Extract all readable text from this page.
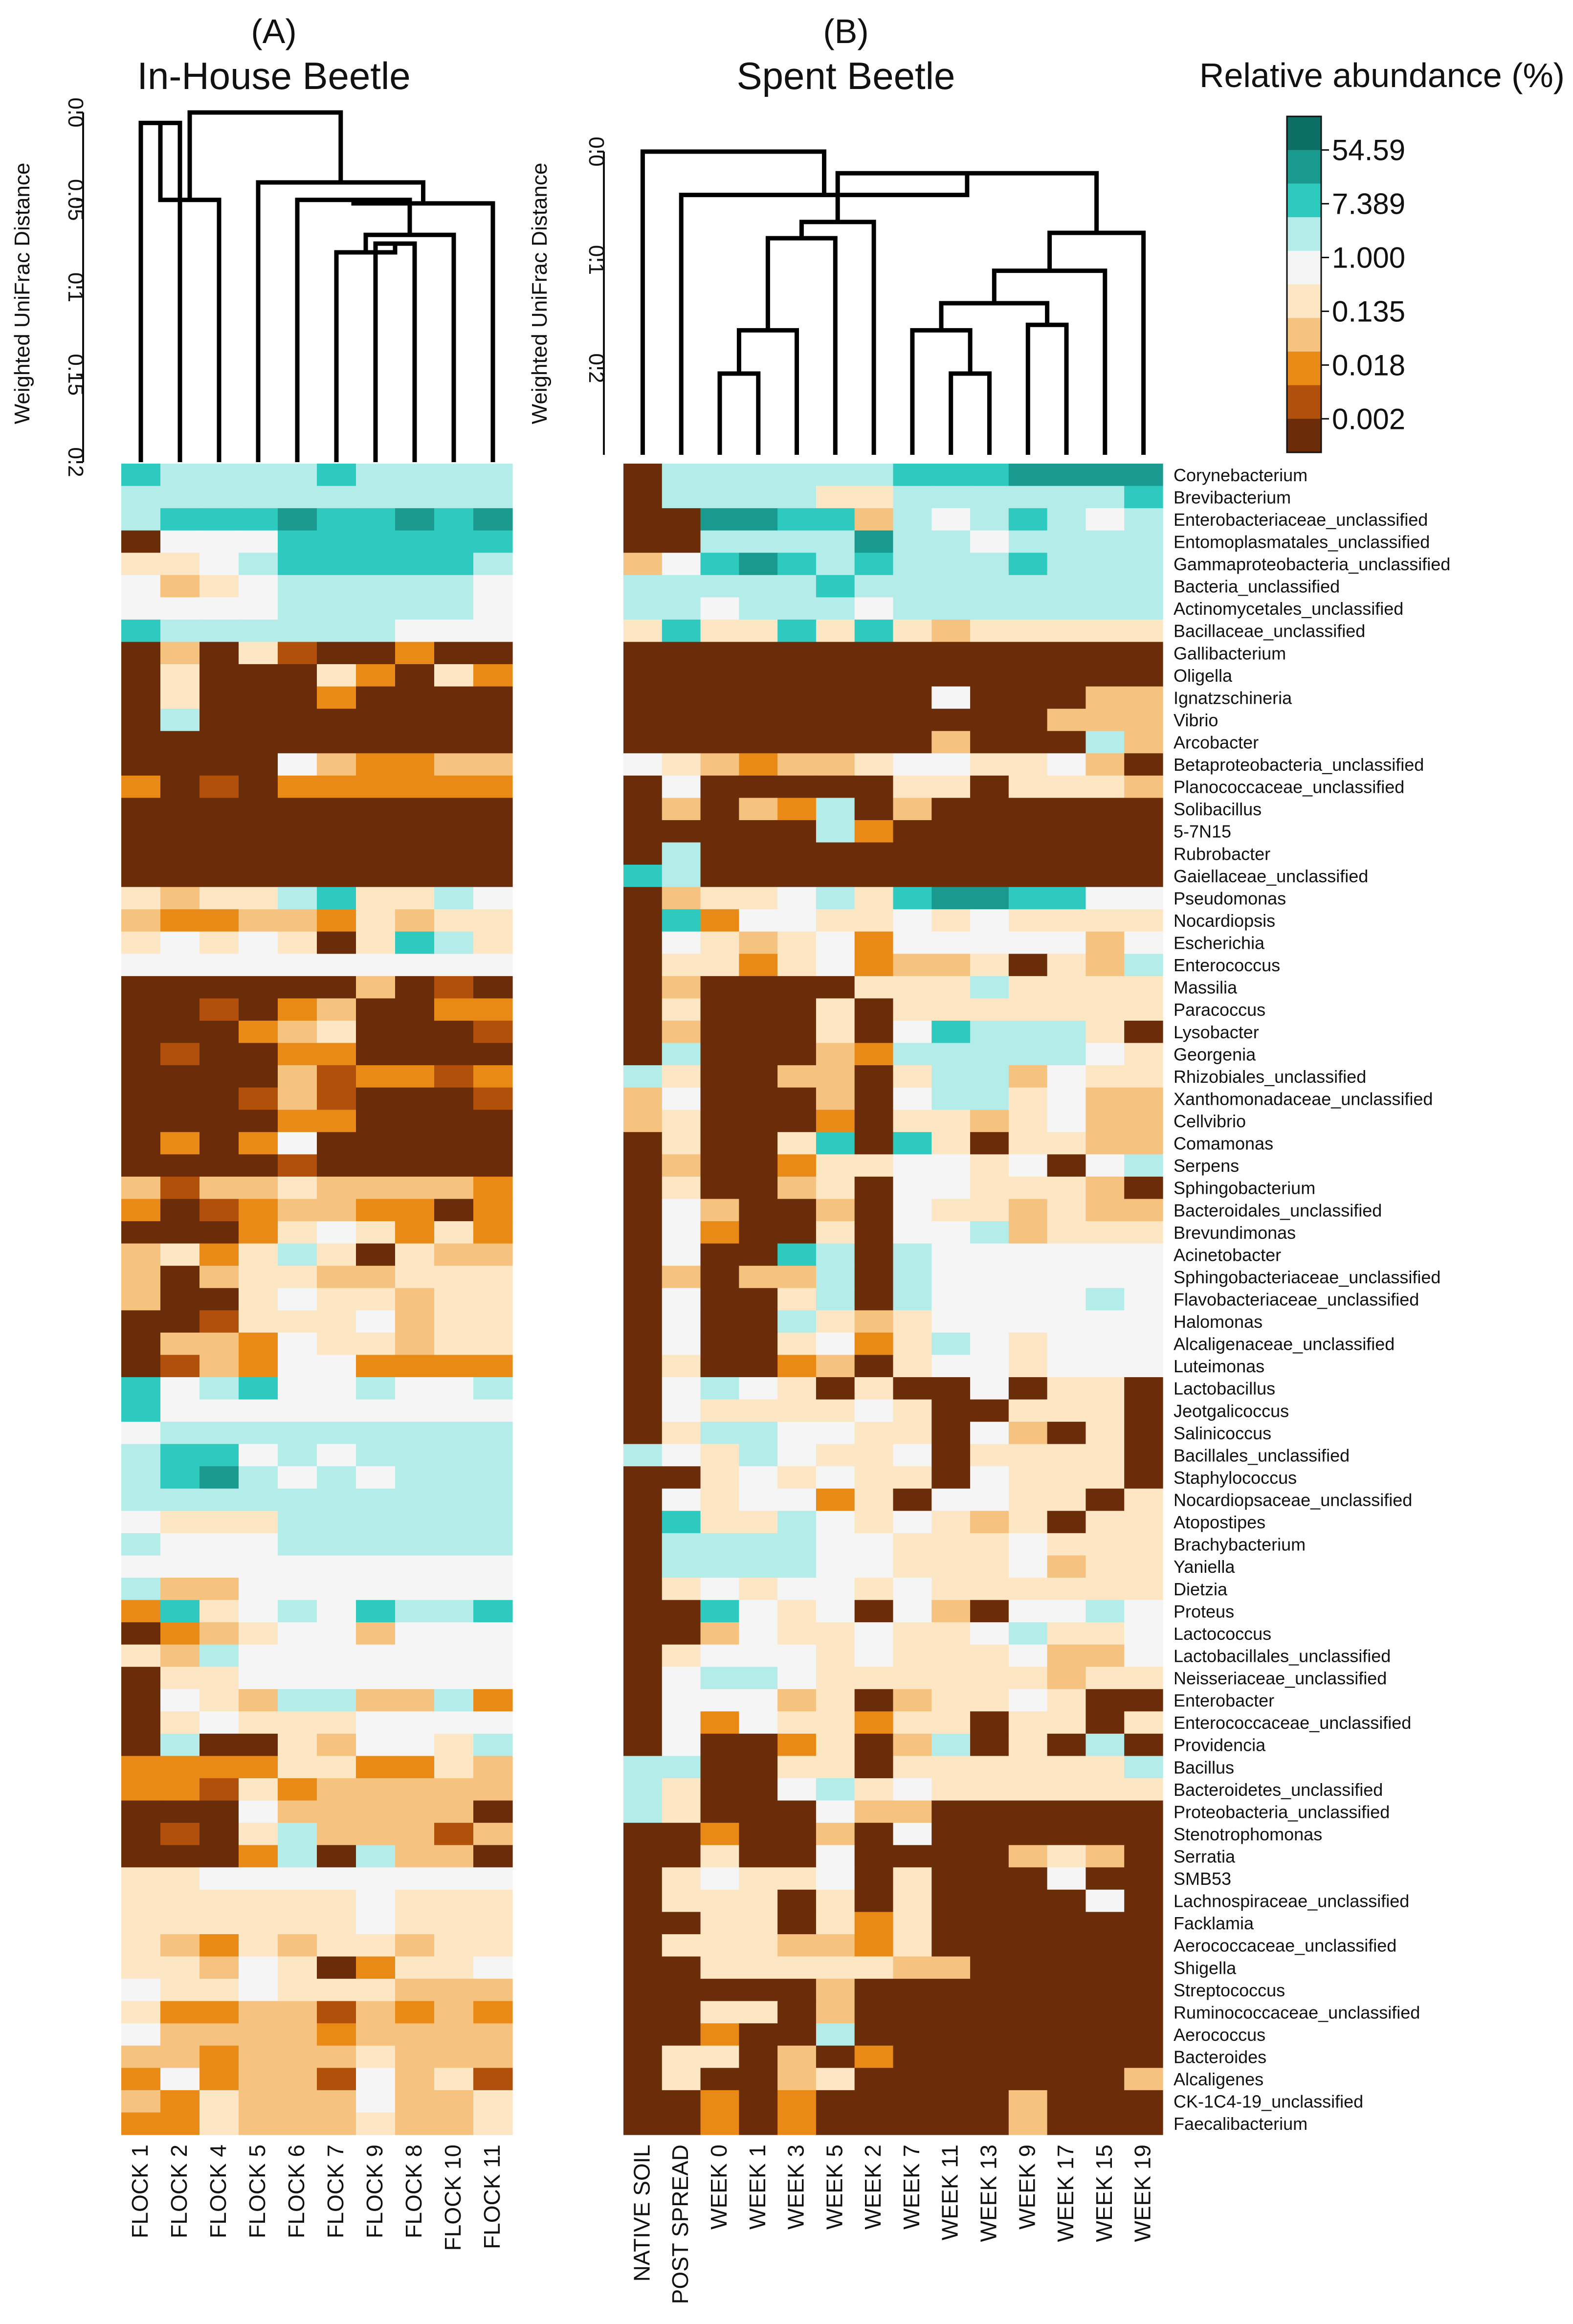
(A)
In-House Beetle
Weighted UniFrac Distance
0.0
0.05
0.1
0.15
0.2
FLOCK 1 FLOCK 2 FLOCK 4 FLOCK 5 FLOCK 6 FLOCK 7 FLOCK 9 FLOCK 8 FLOCK 10 FLOCK 11
(B)
Spent Beetle
Weighted UniFrac Distance
0.0
0.1
0.2
NATIVE SOIL POST SPREAD WEEK 0 WEEK 1 WEEK 3 WEEK 5 WEEK 2 WEEK 7 WEEK 11 WEEK 13 WEEK 9 WEEK 17 WEEK 15 WEEK 19
Corynebacterium
Brevibacterium
Enterobacteriaceae_unclassified
Entomoplasmatales_unclassified
Gammaproteobacteria_unclassified
Bacteria_unclassified
Actinomycetales_unclassified
Bacillaceae_unclassified
Gallibacterium
Oligella
Ignatzschineria
Vibrio
Arcobacter
Betaproteobacteria_unclassified
Planococcaceae_unclassified
Solibacillus
5-7N15
Rubrobacter
Gaiellaceae_unclassified
Pseudomonas
Nocardiopsis
Escherichia
Enterococcus
Massilia
Paracoccus
Lysobacter
Georgenia
Rhizobiales_unclassified
Xanthomonadaceae_unclassified
Cellvibrio
Comamonas
Serpens
Sphingobacterium
Bacteroidales_unclassified
Brevundimonas
Acinetobacter
Sphingobacteriaceae_unclassified
Flavobacteriaceae_unclassified
Halomonas
Alcaligenaceae_unclassified
Luteimonas
Lactobacillus
Jeotgalicoccus
Salinicoccus
Bacillales_unclassified
Staphylococcus
Nocardiopsaceae_unclassified
Atopostipes
Brachybacterium
Yaniella
Dietzia
Proteus
Lactococcus
Lactobacillales_unclassified
Neisseriaceae_unclassified
Enterobacter
Enterococcaceae_unclassified
Providencia
Bacillus
Bacteroidetes_unclassified
Proteobacteria_unclassified
Stenotrophomonas
Serratia
SMB53
Lachnospiraceae_unclassified
Facklamia
Aerococcaceae_unclassified
Shigella
Streptococcus
Ruminococcaceae_unclassified
Aerococcus
Bacteroides
Alcaligenes
CK-1C4-19_unclassified
Faecalibacterium
Relative abundance (%)
54.59
7.389
1.000
0.135
0.018
0.002
